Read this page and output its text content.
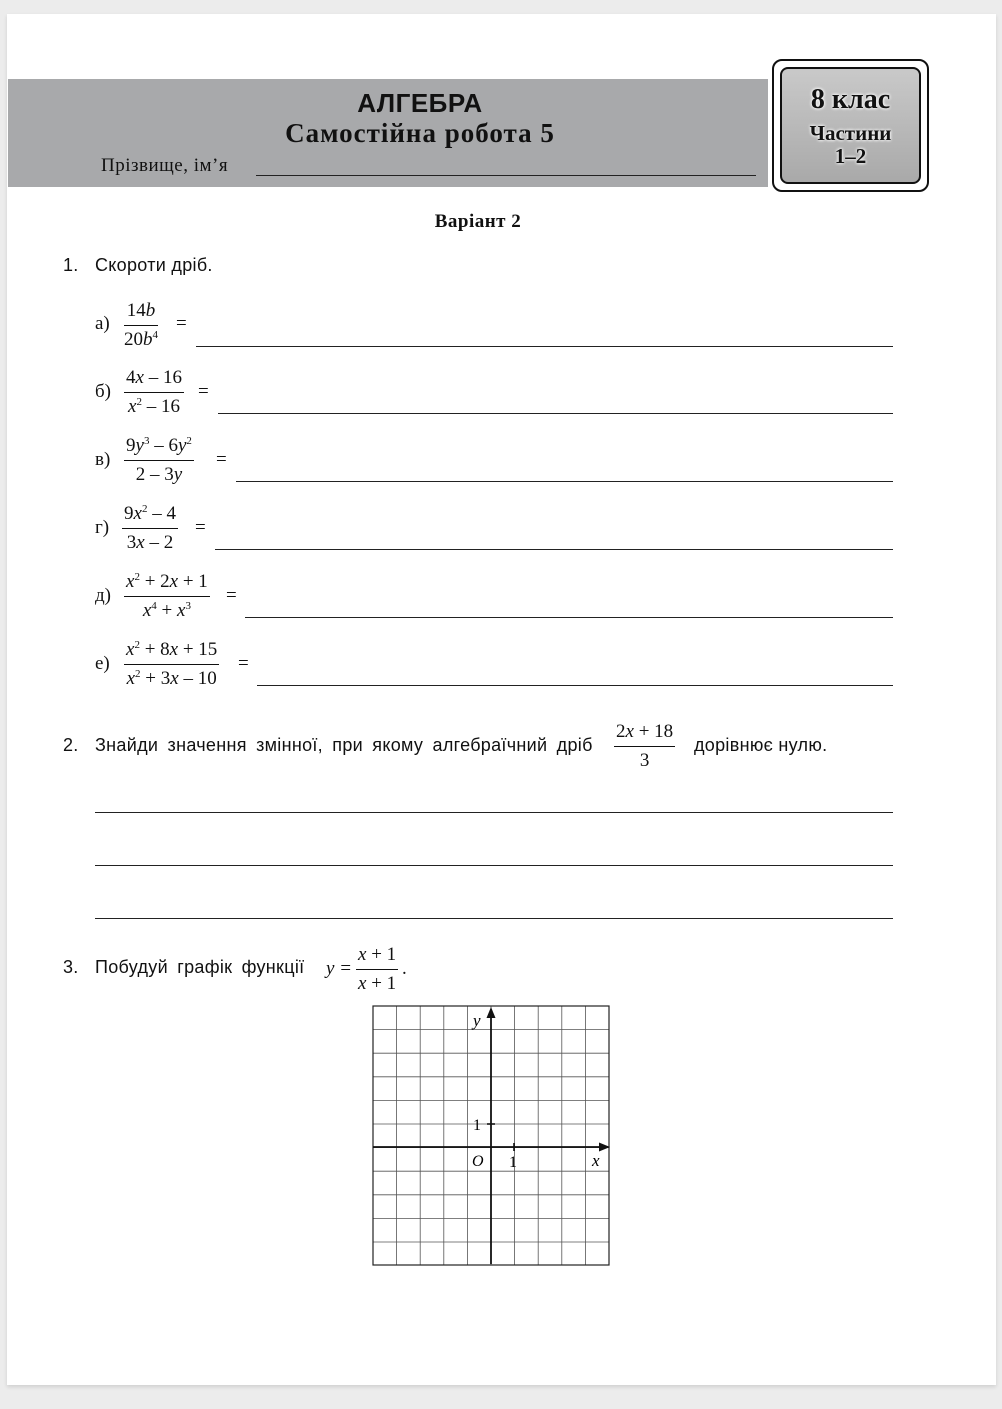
АЛГЕБРА
Самостійна робота 5
Прізвище, ім’я
8 клас
Частини
1–2
Варіант 2
1. Скороти дріб.
$а) \frac{14b}{20b^4}$ =
$б) \frac{4x - 16}{x^2 - 16}$ =
$в) \frac{9y^3 - 6y^2}{2 - 3y}$ =
$г) \frac{9x^2 - 4}{3x - 2}$ =
$д) \frac{x^2 + 2x + 1}{x^4 + x^3}$ =
$е) \frac{x^2 + 8x + 15}{x^2 + 3x - 10}$ =
2. Знайди значення змінної, при якому алгебраїчний дріб $\frac{2x + 18}{3}$ дорівнює нулю.
3. Побудуй графік функції $y = \frac{x + 1}{x + 1}$ .
y
x
O 1
1
